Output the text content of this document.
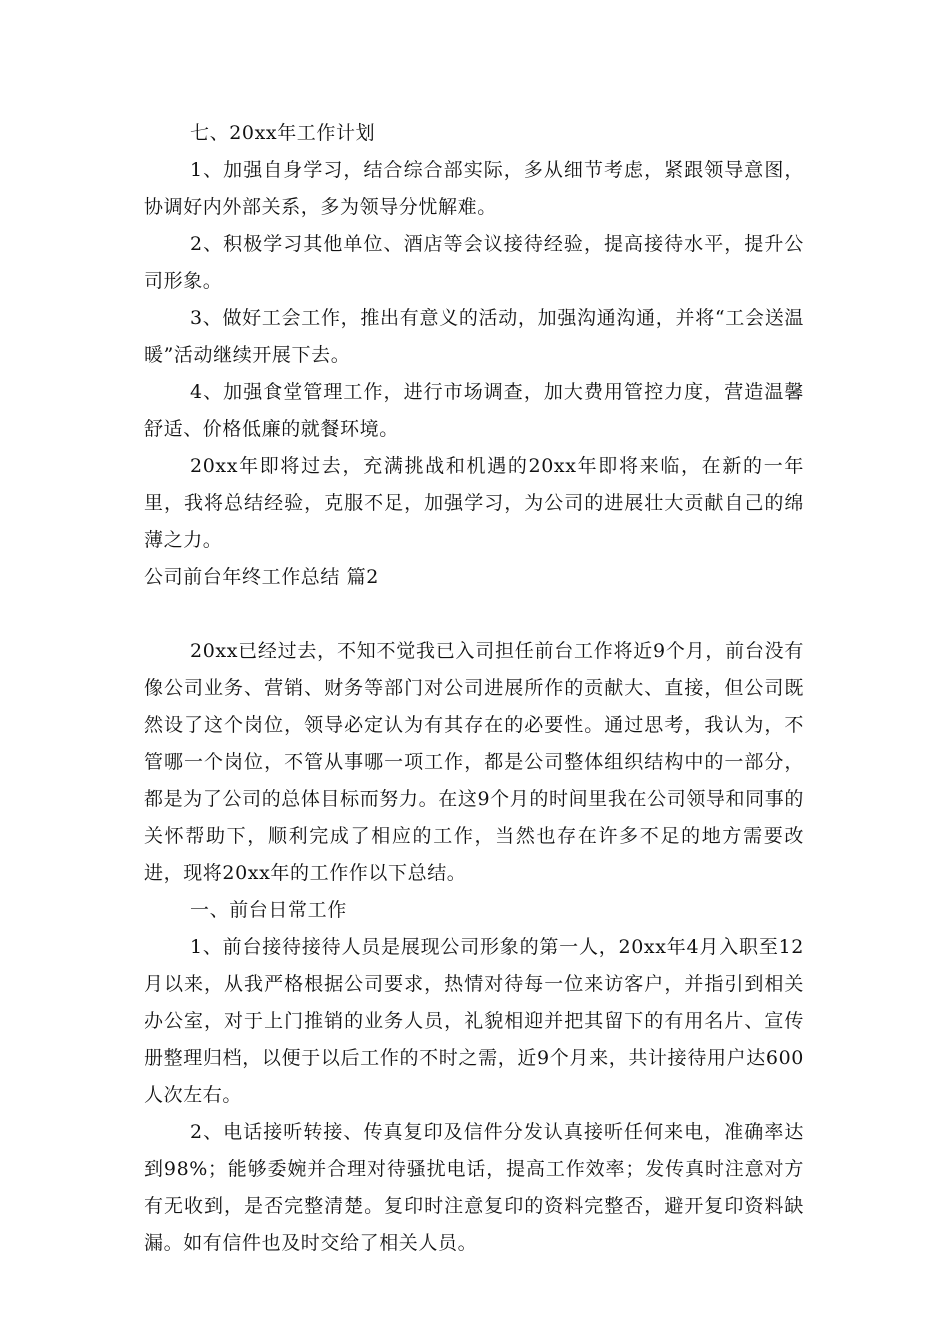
七、20xx年工作计划

1、加强自身学习，结合综合部实际，多从细节考虑，紧跟领导意图，协调好内外部关系，多为领导分忧解难。

2、积极学习其他单位、酒店等会议接待经验，提高接待水平，提升公司形象。

3、做好工会工作，推出有意义的活动，加强沟通沟通，并将“工会送温暖”活动继续开展下去。

4、加强食堂管理工作，进行市场调查，加大费用管控力度，营造温馨舒适、价格低廉的就餐环境。

20xx年即将过去，充满挑战和机遇的20xx年即将来临，在新的一年里，我将总结经验，克服不足，加强学习，为公司的进展壮大贡献自己的绵薄之力。

公司前台年终工作总结 篇2

20xx已经过去，不知不觉我已入司担任前台工作将近9个月，前台没有像公司业务、营销、财务等部门对公司进展所作的贡献大、直接，但公司既然设了这个岗位，领导必定认为有其存在的必要性。通过思考，我认为，不管哪一个岗位，不管从事哪一项工作，都是公司整体组织结构中的一部分，都是为了公司的总体目标而努力。在这9个月的时间里我在公司领导和同事的关怀帮助下，顺利完成了相应的工作，当然也存在许多不足的地方需要改进，现将20xx年的工作作以下总结。

一、前台日常工作

1、前台接待接待人员是展现公司形象的第一人，20xx年4月入职至12月以来，从我严格根据公司要求，热情对待每一位来访客户，并指引到相关办公室，对于上门推销的业务人员，礼貌相迎并把其留下的有用名片、宣传册整理归档，以便于以后工作的不时之需，近9个月来，共计接待用户达600人次左右。

2、电话接听转接、传真复印及信件分发认真接听任何来电，准确率达到98%；能够委婉并合理对待骚扰电话，提高工作效率；发传真时注意对方有无收到，是否完整清楚。复印时注意复印的资料完整否，避开复印资料缺漏。如有信件也及时交给了相关人员。
